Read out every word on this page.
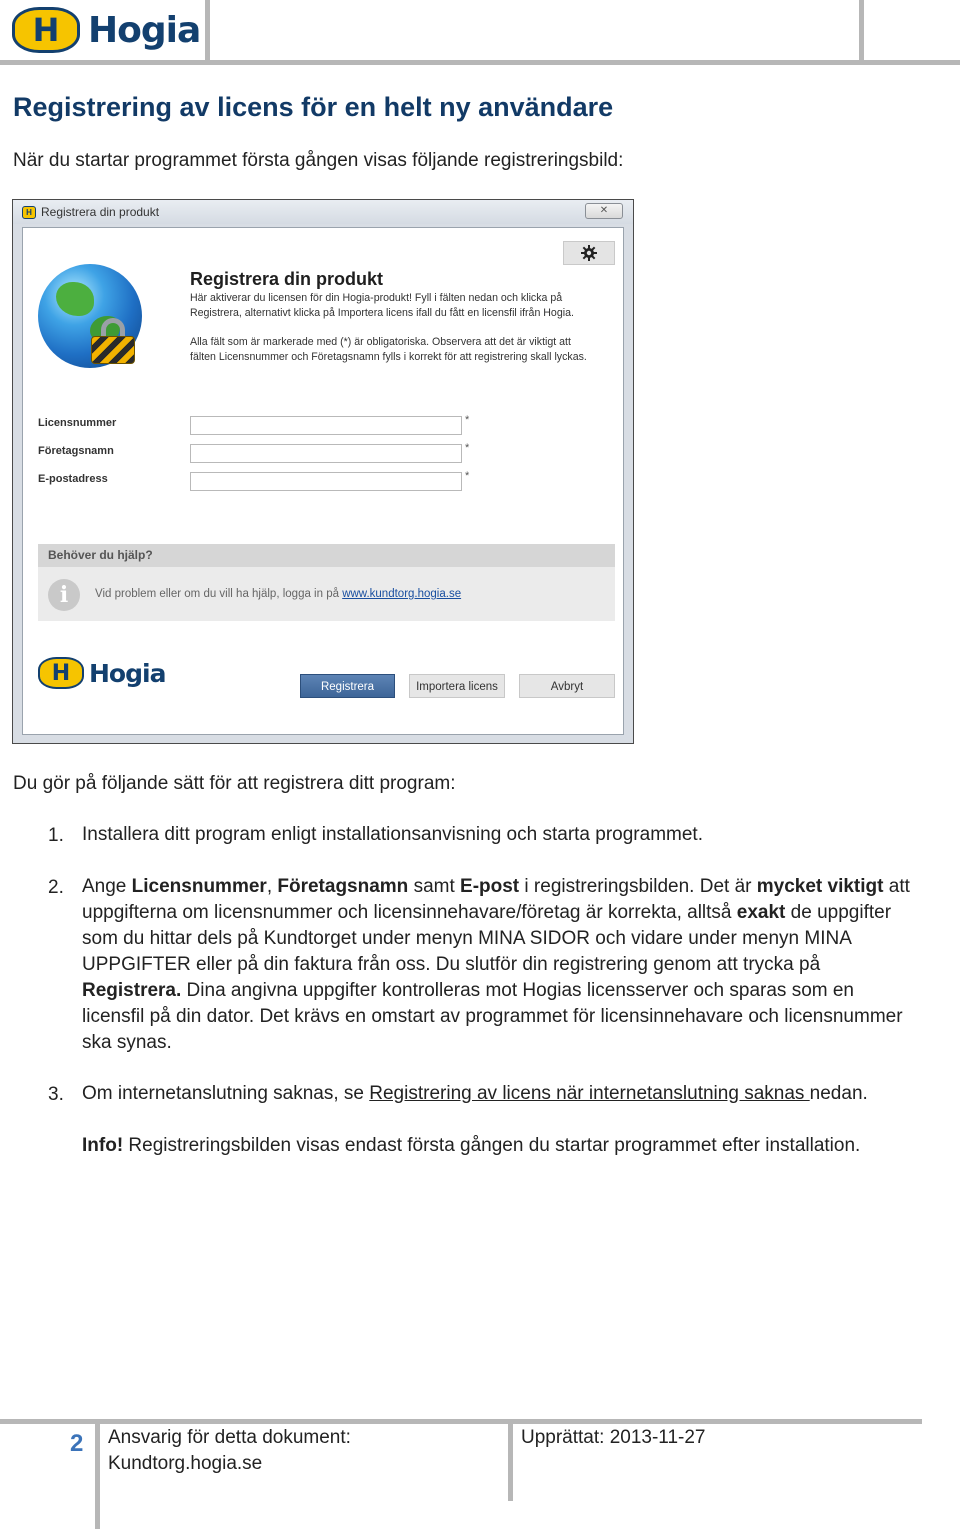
H Hogia
Registrering av licens för en helt ny användare

När du startar programmet första gången visas följande registreringsbild:

H Registrera din produkt	✕
Registrera din produkt
Här aktiverar du licensen för din Hogia-produkt! Fyll i fälten nedan och klicka på
Registrera, alternativt klicka på Importera licens ifall du fått en licensfil ifrån Hogia.
Alla fält som är markerade med (*) är obligatoriska. Observera att det är viktigt att
fälten Licensnummer och Företagsnamn fylls i korrekt för att registrering skall lyckas.
Licensnummer	*
Företagsnamn	*
E-postadress	*
Behöver du hjälp?
i	Vid problem eller om du vill ha hjälp, logga in på www.kundtorg.hogia.se
H Hogia	Registrera	Importera licens	Avbryt

Du gör på följande sätt för att registrera ditt program:

1. Installera ditt program enligt installationsanvisning och starta programmet.
2. Ange Licensnummer, Företagsnamn samt E-post i registreringsbilden. Det är mycket viktigt att uppgifterna om licensnummer och licensinnehavare/företag är korrekta, alltså exakt de uppgifter som du hittar dels på Kundtorget under menyn MINA SIDOR och vidare under menyn MINA UPPGIFTER eller på din faktura från oss. Du slutför din registrering genom att trycka på Registrera. Dina angivna uppgifter kontrolleras mot Hogias licensserver och sparas som en licensfil på din dator. Det krävs en omstart av programmet för licensinnehavare och licensnummer ska synas.
3. Om internetanslutning saknas, se Registrering av licens när internetanslutning saknas nedan.
Info! Registreringsbilden visas endast första gången du startar programmet efter installation.
2 Ansvarig för detta dokument:
Kundtorg.hogia.se
Upprättat: 2013-11-27
